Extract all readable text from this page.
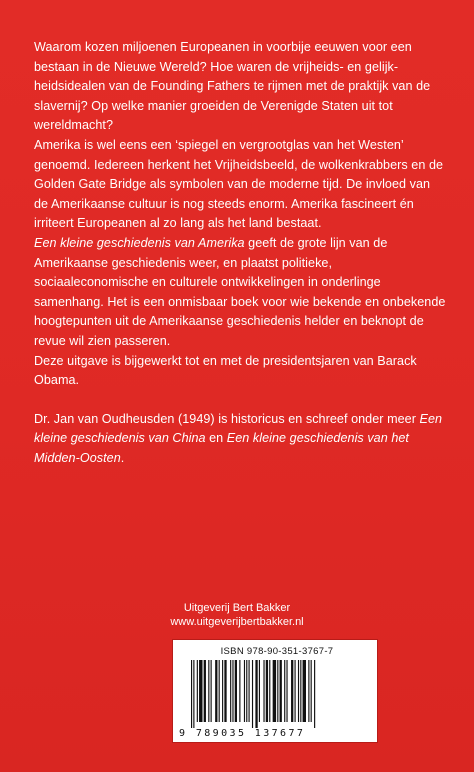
Waarom kozen miljoenen Europeanen in voorbije eeuwen voor een bestaan in de Nieuwe Wereld? Hoe waren de vrijheids- en gelijk- heidsidealen van de Founding Fathers te rijmen met de praktijk van de slavernij? Op welke manier groeiden de Verenigde Staten uit tot wereldmacht?

Amerika is wel eens een ‘spiegel en vergrootglas van het Westen’ genoemd. Iedereen herkent het Vrijheidsbeeld, de wolkenkrabbers en de Golden Gate Bridge als symbolen van de moderne tijd. De invloed van de Amerikaanse cultuur is nog steeds enorm. Amerika fascineert én irriteert Europeanen al zo lang als het land bestaat.

Een kleine geschiedenis van Amerika geeft de grote lijn van de Amerikaanse geschiedenis weer, en plaatst politieke, sociaaleconomische en culturele ontwikkelingen in onderlinge samenhang. Het is een onmisbaar boek voor wie bekende en onbekende hoogtepunten uit de Amerikaanse geschiedenis helder en beknopt de revue wil zien passeren.

Deze uitgave is bijgewerkt tot en met de presidentsjaren van Barack Obama.

Dr. Jan van Oudheusden (1949) is historicus en schreef onder meer Een kleine geschiedenis van China en Een kleine geschiedenis van het Midden-Oosten.

Uitgeverij Bert Bakker
www.uitgeverijbertbakker.nl
ISBN 978-90-351-3767-7
9 789035 137677
